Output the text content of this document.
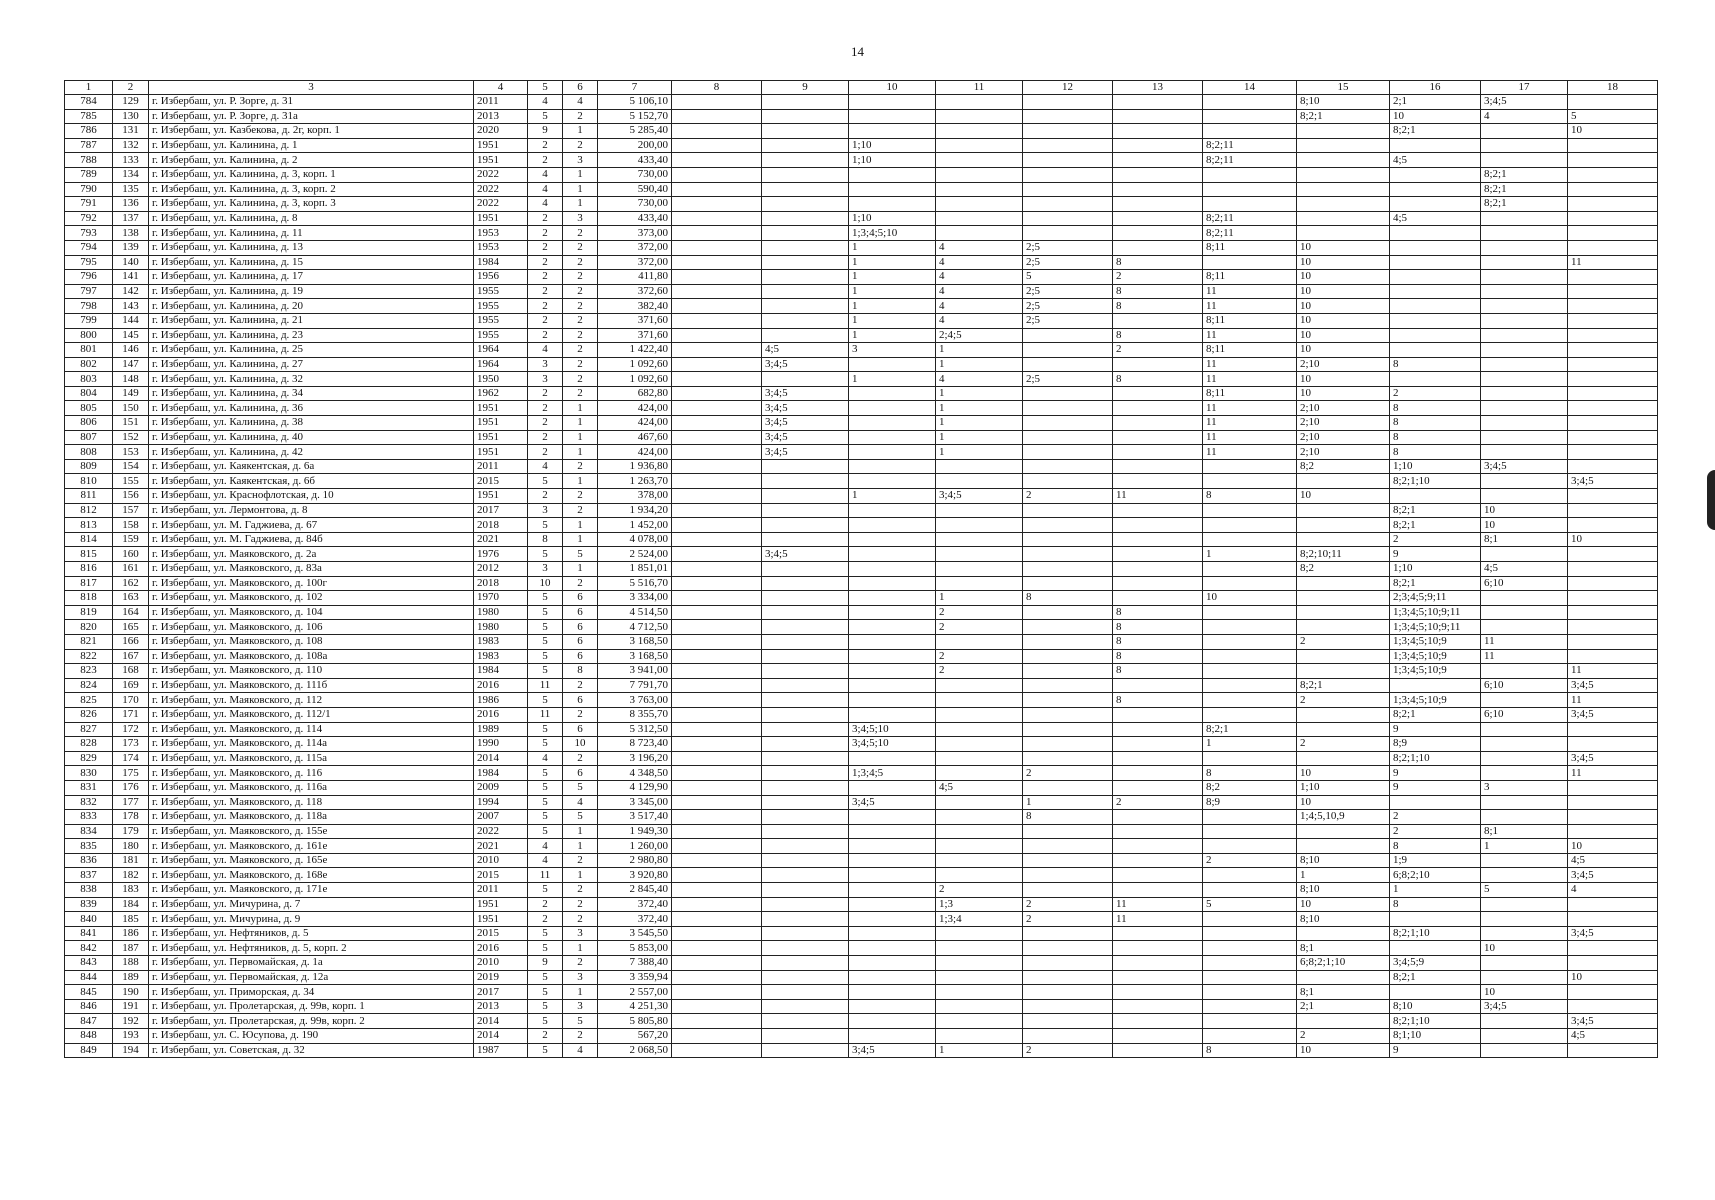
14
1	2	3	4	5	6	7	8	9	10	11	12	13	14	15	16	17	18
784	129	г. Избербаш, ул. Р. Зорге, д. 31	2011	4	4	5 106,10								8;10	2;1	3;4;5	
785	130	г. Избербаш, ул. Р. Зорге, д. 31а	2013	5	2	5 152,70								8;2;1	10	4	5
786	131	г. Избербаш, ул. Казбекова, д. 2г, корп. 1	2020	9	1	5 285,40									8;2;1		10
787	132	г. Избербаш, ул. Калинина, д. 1	1951	2	2	200,00			1;10				8;2;11				
788	133	г. Избербаш, ул. Калинина, д. 2	1951	2	3	433,40			1;10				8;2;11		4;5		
789	134	г. Избербаш, ул. Калинина, д. 3, корп. 1	2022	4	1	730,00										8;2;1	
790	135	г. Избербаш, ул. Калинина, д. 3, корп. 2	2022	4	1	590,40										8;2;1	
791	136	г. Избербаш, ул. Калинина, д. 3, корп. 3	2022	4	1	730,00										8;2;1	
792	137	г. Избербаш, ул. Калинина, д. 8	1951	2	3	433,40			1;10				8;2;11		4;5		
793	138	г. Избербаш, ул. Калинина, д. 11	1953	2	2	373,00			1;3;4;5;10				8;2;11				
794	139	г. Избербаш, ул. Калинина, д. 13	1953	2	2	372,00			1	4	2;5		8;11	10			
795	140	г. Избербаш, ул. Калинина, д. 15	1984	2	2	372,00			1	4	2;5	8		10			11
796	141	г. Избербаш, ул. Калинина, д. 17	1956	2	2	411,80			1	4	5	2	8;11	10			
797	142	г. Избербаш, ул. Калинина, д. 19	1955	2	2	372,60			1	4	2;5	8	11	10			
798	143	г. Избербаш, ул. Калинина, д. 20	1955	2	2	382,40			1	4	2;5	8	11	10			
799	144	г. Избербаш, ул. Калинина, д. 21	1955	2	2	371,60			1	4	2;5		8;11	10			
800	145	г. Избербаш, ул. Калинина, д. 23	1955	2	2	371,60			1	2;4;5		8	11	10			
801	146	г. Избербаш, ул. Калинина, д. 25	1964	4	2	1 422,40		4;5	3	1		2	8;11	10			
802	147	г. Избербаш, ул. Калинина, д. 27	1964	3	2	1 092,60		3;4;5		1			11	2;10	8		
803	148	г. Избербаш, ул. Калинина, д. 32	1950	3	2	1 092,60			1	4	2;5	8	11	10			
804	149	г. Избербаш, ул. Калинина, д. 34	1962	2	2	682,80		3;4;5		1			8;11	10	2		
805	150	г. Избербаш, ул. Калинина, д. 36	1951	2	1	424,00		3;4;5		1			11	2;10	8		
806	151	г. Избербаш, ул. Калинина, д. 38	1951	2	1	424,00		3;4;5		1			11	2;10	8		
807	152	г. Избербаш, ул. Калинина, д. 40	1951	2	1	467,60		3;4;5		1			11	2;10	8		
808	153	г. Избербаш, ул. Калинина, д. 42	1951	2	1	424,00		3;4;5		1			11	2;10	8		
809	154	г. Избербаш, ул. Каякентская, д. 6а	2011	4	2	1 936,80								8;2	1;10	3;4;5	
810	155	г. Избербаш, ул. Каякентская, д. 6б	2015	5	1	1 263,70									8;2;1;10		3;4;5
811	156	г. Избербаш, ул. Краснофлотская, д. 10	1951	2	2	378,00			1	3;4;5	2	11	8	10			
812	157	г. Избербаш, ул. Лермонтова, д. 8	2017	3	2	1 934,20									8;2;1	10	
813	158	г. Избербаш, ул. М. Гаджиева, д. 67	2018	5	1	1 452,00									8;2;1	10	
814	159	г. Избербаш, ул. М. Гаджиева, д. 84б	2021	8	1	4 078,00									2	8;1	10
815	160	г. Избербаш, ул. Маяковского, д. 2а	1976	5	5	2 524,00		3;4;5					1	8;2;10;11	9		
816	161	г. Избербаш, ул. Маяковского, д. 83а	2012	3	1	1 851,01								8;2	1;10	4;5	
817	162	г. Избербаш, ул. Маяковского, д. 100г	2018	10	2	5 516,70									8;2;1	6;10	
818	163	г. Избербаш, ул. Маяковского, д. 102	1970	5	6	3 334,00				1	8		10		2;3;4;5;9;11		
819	164	г. Избербаш, ул. Маяковского, д. 104	1980	5	6	4 514,50				2		8			1;3;4;5;10;9;11		
820	165	г. Избербаш, ул. Маяковского, д. 106	1980	5	6	4 712,50				2		8			1;3;4;5;10;9;11		
821	166	г. Избербаш, ул. Маяковского, д. 108	1983	5	6	3 168,50						8		2	1;3;4;5;10;9	11	
822	167	г. Избербаш, ул. Маяковского, д. 108а	1983	5	6	3 168,50				2		8			1;3;4;5;10;9	11	
823	168	г. Избербаш, ул. Маяковского, д. 110	1984	5	8	3 941,00				2		8			1;3;4;5;10;9		11
824	169	г. Избербаш, ул. Маяковского, д. 111б	2016	11	2	7 791,70								8;2;1		6;10	3;4;5
825	170	г. Избербаш, ул. Маяковского, д. 112	1986	5	6	3 763,00						8		2	1;3;4;5;10;9		11
826	171	г. Избербаш, ул. Маяковского, д. 112/1	2016	11	2	8 355,70									8;2;1	6;10	3;4;5
827	172	г. Избербаш, ул. Маяковского, д. 114	1989	5	6	5 312,50			3;4;5;10				8;2;1		9		
828	173	г. Избербаш, ул. Маяковского, д. 114а	1990	5	10	8 723,40			3;4;5;10				1	2	8;9		
829	174	г. Избербаш, ул. Маяковского, д. 115а	2014	4	2	3 196,20									8;2;1;10		3;4;5
830	175	г. Избербаш, ул. Маяковского, д. 116	1984	5	6	4 348,50			1;3;4;5		2		8	10	9		11
831	176	г. Избербаш, ул. Маяковского, д. 116а	2009	5	5	4 129,90				4;5			8;2	1;10	9	3	
832	177	г. Избербаш, ул. Маяковского, д. 118	1994	5	4	3 345,00			3;4;5		1	2	8;9	10			
833	178	г. Избербаш, ул. Маяковского, д. 118а	2007	5	5	3 517,40					8			1;4;5,10,9	2		
834	179	г. Избербаш, ул. Маяковского, д. 155е	2022	5	1	1 949,30									2	8;1	
835	180	г. Избербаш, ул. Маяковского, д. 161е	2021	4	1	1 260,00									8	1	10
836	181	г. Избербаш, ул. Маяковского, д. 165е	2010	4	2	2 980,80							2	8;10	1;9		4;5
837	182	г. Избербаш, ул. Маяковского, д. 168е	2015	11	1	3 920,80								1	6;8;2;10		3;4;5
838	183	г. Избербаш, ул. Маяковского, д. 171е	2011	5	2	2 845,40				2				8;10	1	5	4
839	184	г. Избербаш, ул. Мичурина, д. 7	1951	2	2	372,40				1;3	2	11	5	10	8		
840	185	г. Избербаш, ул. Мичурина, д. 9	1951	2	2	372,40				1;3;4	2	11		8;10			
841	186	г. Избербаш, ул. Нефтяников, д. 5	2015	5	3	3 545,50									8;2;1;10		3;4;5
842	187	г. Избербаш, ул. Нефтяников, д. 5, корп. 2	2016	5	1	5 853,00								8;1		10	
843	188	г. Избербаш, ул. Первомайская, д. 1а	2010	9	2	7 388,40								6;8;2;1;10	3;4;5;9		
844	189	г. Избербаш, ул. Первомайская, д. 12а	2019	5	3	3 359,94									8;2;1		10
845	190	г. Избербаш, ул. Приморская, д. 34	2017	5	1	2 557,00								8;1		10	
846	191	г. Избербаш, ул. Пролетарская, д. 99в, корп. 1	2013	5	3	4 251,30								2;1	8;10	3;4;5	
847	192	г. Избербаш, ул. Пролетарская, д. 99в, корп. 2	2014	5	5	5 805,80									8;2;1;10		3;4;5
848	193	г. Избербаш, ул. С. Юсупова, д. 190	2014	2	2	567,20								2	8;1;10		4;5
849	194	г. Избербаш, ул. Советская, д. 32	1987	5	4	2 068,50			3;4;5	1	2		8	10	9		
